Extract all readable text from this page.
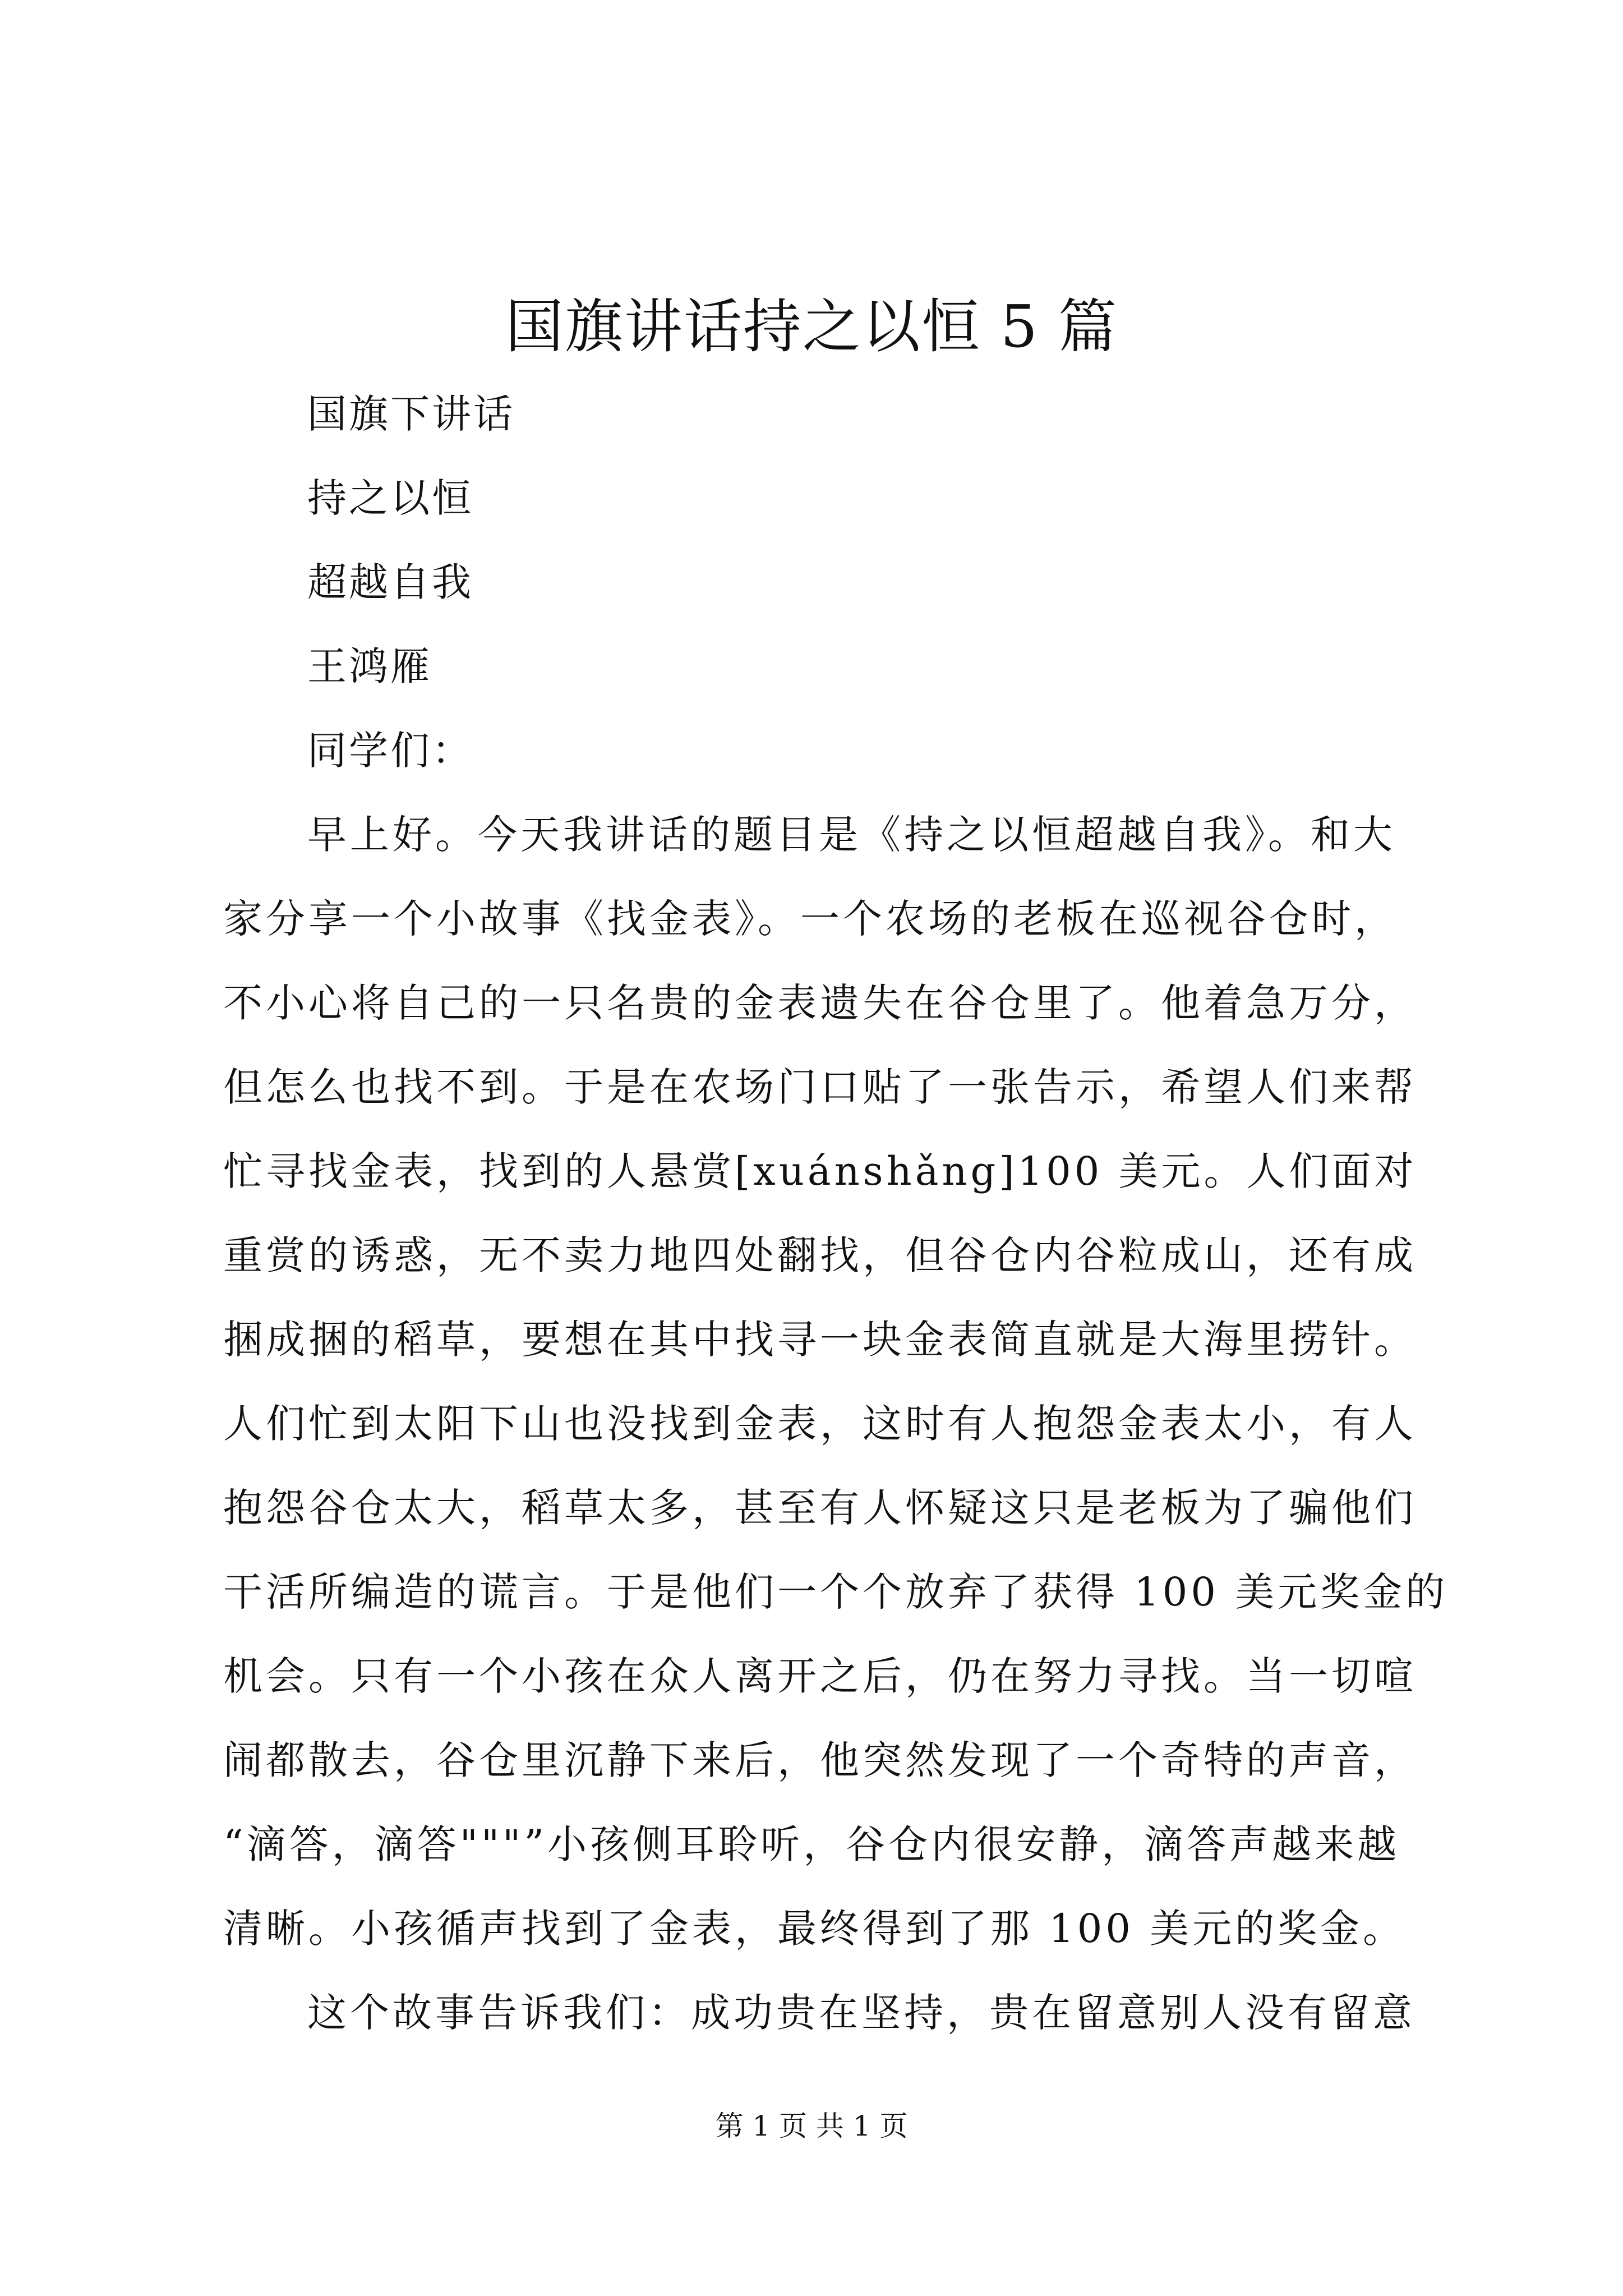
国旗讲话持之以恒 5 篇

国旗下讲话

持之以恒

超越自我

王鸿雁

同学们：

早上好。今天我讲话的题目是《持之以恒超越自我》。和大

家分享一个小故事《找金表》。一个农场的老板在巡视谷仓时，

不小心将自己的一只名贵的金表遗失在谷仓里了。他着急万分，

但怎么也找不到。于是在农场门口贴了一张告示，希望人们来帮

忙寻找金表，找到的人悬赏[xuánshǎng]100 美元。人们面对

重赏的诱惑，无不卖力地四处翻找，但谷仓内谷粒成山，还有成

捆成捆的稻草，要想在其中找寻一块金表简直就是大海里捞针。

人们忙到太阳下山也没找到金表，这时有人抱怨金表太小，有人

抱怨谷仓太大，稻草太多，甚至有人怀疑这只是老板为了骗他们

干活所编造的谎言。于是他们一个个放弃了获得 100 美元奖金的

机会。只有一个小孩在众人离开之后，仍在努力寻找。当一切喧

闹都散去，谷仓里沉静下来后，他突然发现了一个奇特的声音，

“滴答，滴答"""”小孩侧耳聆听，谷仓内很安静，滴答声越来越

清晰。小孩循声找到了金表，最终得到了那 100 美元的奖金。

这个故事告诉我们：成功贵在坚持，贵在留意别人没有留意

第 1 页 共 1 页
